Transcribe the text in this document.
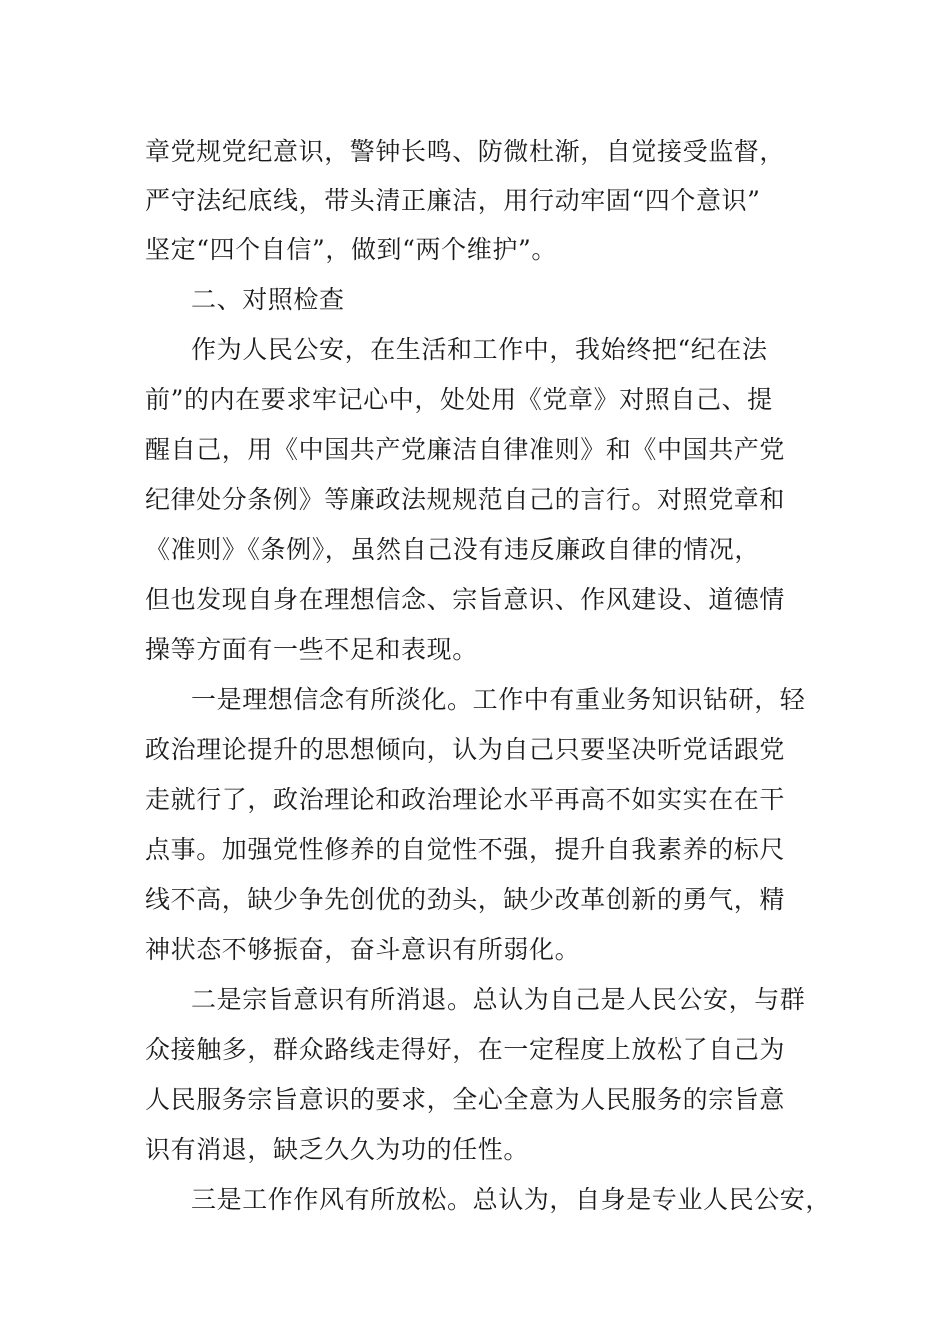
章党规党纪意识，警钟长鸣、防微杜渐，自觉接受监督，
严守法纪底线，带头清正廉洁，用行动牢固“四个意识”
坚定“四个自信”，做到“两个维护”。
二、对照检查
作为人民公安，在生活和工作中，我始终把“纪在法
前”的内在要求牢记心中，处处用《党章》对照自己、提
醒自己，用《中国共产党廉洁自律准则》和《中国共产党
纪律处分条例》等廉政法规规范自己的言行。对照党章和
《准则》《条例》，虽然自己没有违反廉政自律的情况，
但也发现自身在理想信念、宗旨意识、作风建设、道德情
操等方面有一些不足和表现。
一是理想信念有所淡化。工作中有重业务知识钻研，轻
政治理论提升的思想倾向，认为自己只要坚决听党话跟党
走就行了，政治理论和政治理论水平再高不如实实在在干
点事。加强党性修养的自觉性不强，提升自我素养的标尺
线不高，缺少争先创优的劲头，缺少改革创新的勇气，精
神状态不够振奋，奋斗意识有所弱化。
二是宗旨意识有所消退。总认为自己是人民公安，与群
众接触多，群众路线走得好，在一定程度上放松了自己为
人民服务宗旨意识的要求，全心全意为人民服务的宗旨意
识有消退，缺乏久久为功的任性。
三是工作作风有所放松。总认为，自身是专业人民公安，
